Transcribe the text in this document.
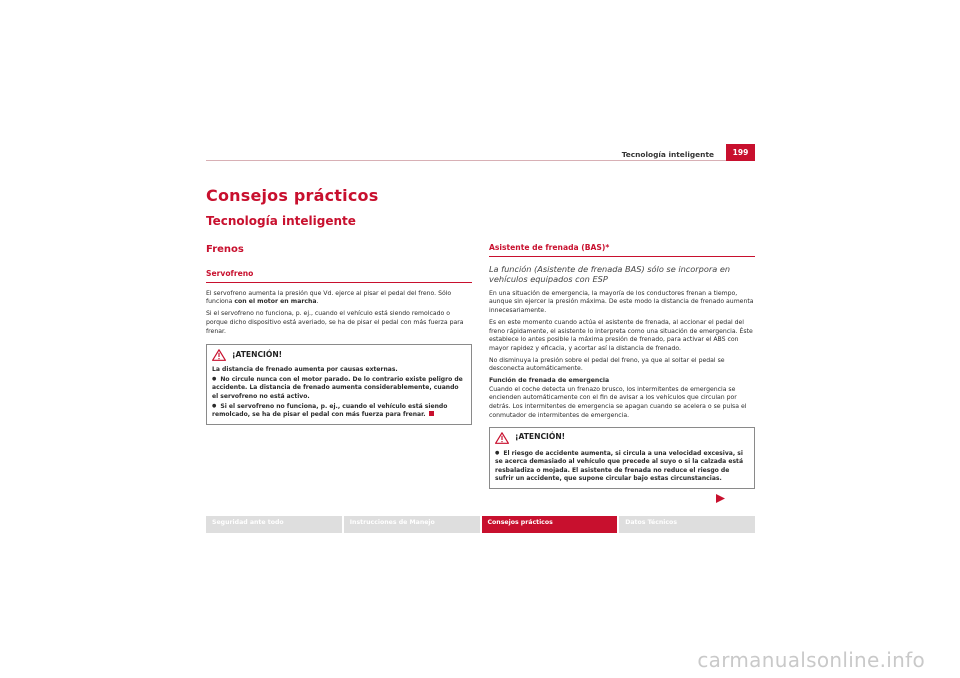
Tecnología inteligente	199
Consejos prácticos
Tecnología inteligente
Frenos
Servofreno

El servofreno aumenta la presión que Vd. ejerce al pisar el pedal del freno. Sólo funciona con el motor en marcha.

Si el servofreno no funciona, p. ej., cuando el vehículo está siendo remolcado o porque dicho dispositivo está averiado, se ha de pisar el pedal con más fuerza para frenar.

¡ATENCIÓN!

La distancia de frenado aumenta por causas externas.

● No circule nunca con el motor parado. De lo contrario existe peligro de accidente. La distancia de frenado aumenta considerablemente, cuando el servofreno no está activo.

● Si el servofreno no funciona, p. ej., cuando el vehículo está siendo remolcado, se ha de pisar el pedal con más fuerza para frenar.

Asistente de frenada (BAS)*
La función (Asistente de frenada BAS) sólo se incorpora en vehículos equipados con ESP

En una situación de emergencia, la mayoría de los conductores frenan a tiempo, aunque sin ejercer la presión máxima. De este modo la distancia de frenado aumenta innecesariamente.

Es en este momento cuando actúa el asistente de frenada, al accionar el pedal del freno rápidamente, el asistente lo interpreta como una situación de emergencia. Éste establece lo antes posible la máxima presión de frenado, para activar el ABS con mayor rapidez y eficacia, y acortar así la distancia de frenado.

No disminuya la presión sobre el pedal del freno, ya que al soltar el pedal se desconecta automáticamente.

Función de frenada de emergencia

Cuando el coche detecta un frenazo brusco, los intermitentes de emergencia se encienden automáticamente con el fin de avisar a los vehículos que circulan por detrás. Los intermitentes de emergencia se apagan cuando se acelera o se pulsa el conmutador de intermitentes de emergencia.

¡ATENCIÓN!

● El riesgo de accidente aumenta, si circula a una velocidad excesiva, si se acerca demasiado al vehículo que precede al suyo o si la calzada está resbaladiza o mojada. El asistente de frenada no reduce el riesgo de sufrir un accidente, que supone circular bajo estas circunstancias.

Seguridad ante todo	Instrucciones de Manejo	Consejos prácticos	Datos Técnicos
carmanualsonline.info
